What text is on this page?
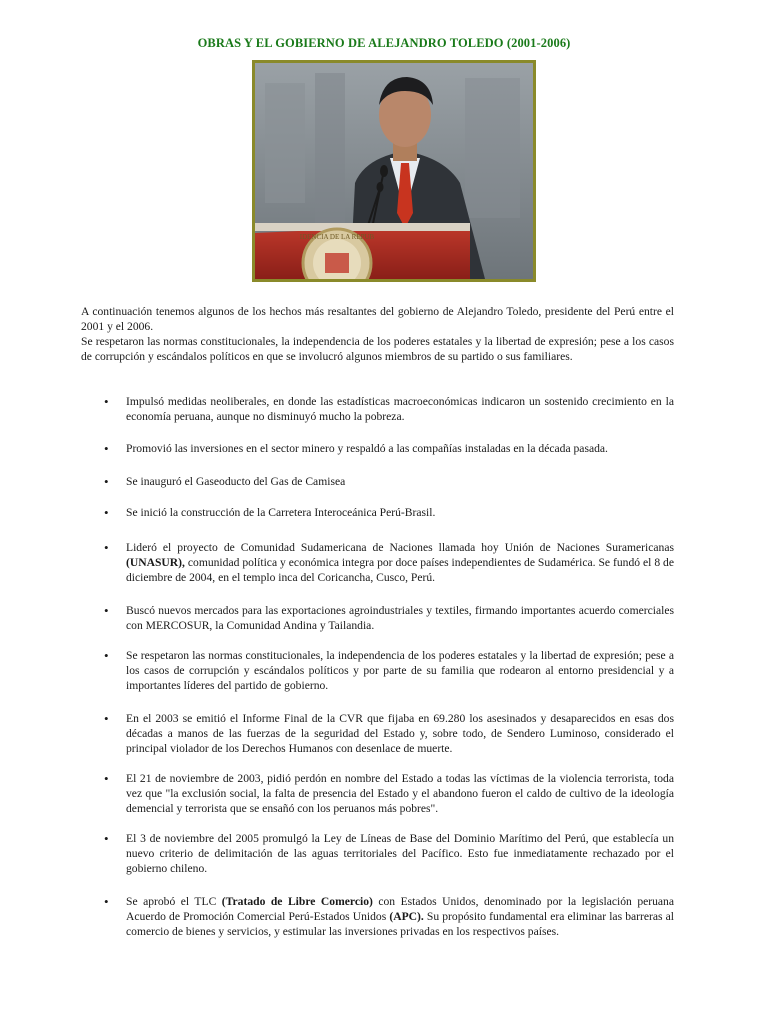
OBRAS Y EL GOBIERNO DE ALEJANDRO TOLEDO (2001-2006)
IDENCIA DE LA REPUB

A continuación tenemos algunos de los hechos más resaltantes del gobierno de Alejandro Toledo, presidente del Perú entre el 2001 y el 2006.

Se respetaron las normas constitucionales, la independencia de los poderes estatales y la libertad de expresión; pese a los casos de corrupción y escándalos políticos en que se involucró algunos miembros de su partido o sus familiares.

• Impulsó medidas neoliberales, en donde las estadísticas macroeconómicas indicaron un sostenido crecimiento en la economía peruana, aunque no disminuyó mucho la pobreza.
• Promovió las inversiones en el sector minero y respaldó a las compañías instaladas en la década pasada.
• Se inauguró el Gaseoducto del Gas de Camisea
• Se inició la construcción de la Carretera Interoceánica Perú-Brasil.
• Lideró el proyecto de Comunidad Sudamericana de Naciones llamada hoy Unión de Naciones Suramericanas (UNASUR), comunidad política y económica integra por doce países independientes de Sudamérica. Se fundó el 8 de diciembre de 2004, en el templo inca del Coricancha, Cusco, Perú.
• Buscó nuevos mercados para las exportaciones agroindustriales y textiles, firmando importantes acuerdo comerciales con MERCOSUR, la Comunidad Andina y Tailandia.
• Se respetaron las normas constitucionales, la independencia de los poderes estatales y la libertad de expresión; pese a los casos de corrupción y escándalos políticos y por parte de su familia que rodearon al entorno presidencial y a importantes líderes del partido de gobierno.
• En el 2003 se emitió el Informe Final de la CVR que fijaba en 69.280 los asesinados y desaparecidos en esas dos décadas a manos de las fuerzas de la seguridad del Estado y, sobre todo, de Sendero Luminoso, considerado el principal violador de los Derechos Humanos con desenlace de muerte.
• El 21 de noviembre de 2003, pidió perdón en nombre del Estado a todas las víctimas de la violencia terrorista, toda vez que "la exclusión social, la falta de presencia del Estado y el abandono fueron el caldo de cultivo de la ideología demencial y terrorista que se ensañó con los peruanos más pobres".
• El 3 de noviembre del 2005 promulgó la Ley de Líneas de Base del Dominio Marítimo del Perú, que establecía un nuevo criterio de delimitación de las aguas territoriales del Pacífico. Esto fue inmediatamente rechazado por el gobierno chileno.
• Se aprobó el TLC (Tratado de Libre Comercio) con Estados Unidos, denominado por la legislación peruana Acuerdo de Promoción Comercial Perú-Estados Unidos (APC). Su propósito fundamental era eliminar las barreras al comercio de bienes y servicios, y estimular las inversiones privadas en los respectivos países.
